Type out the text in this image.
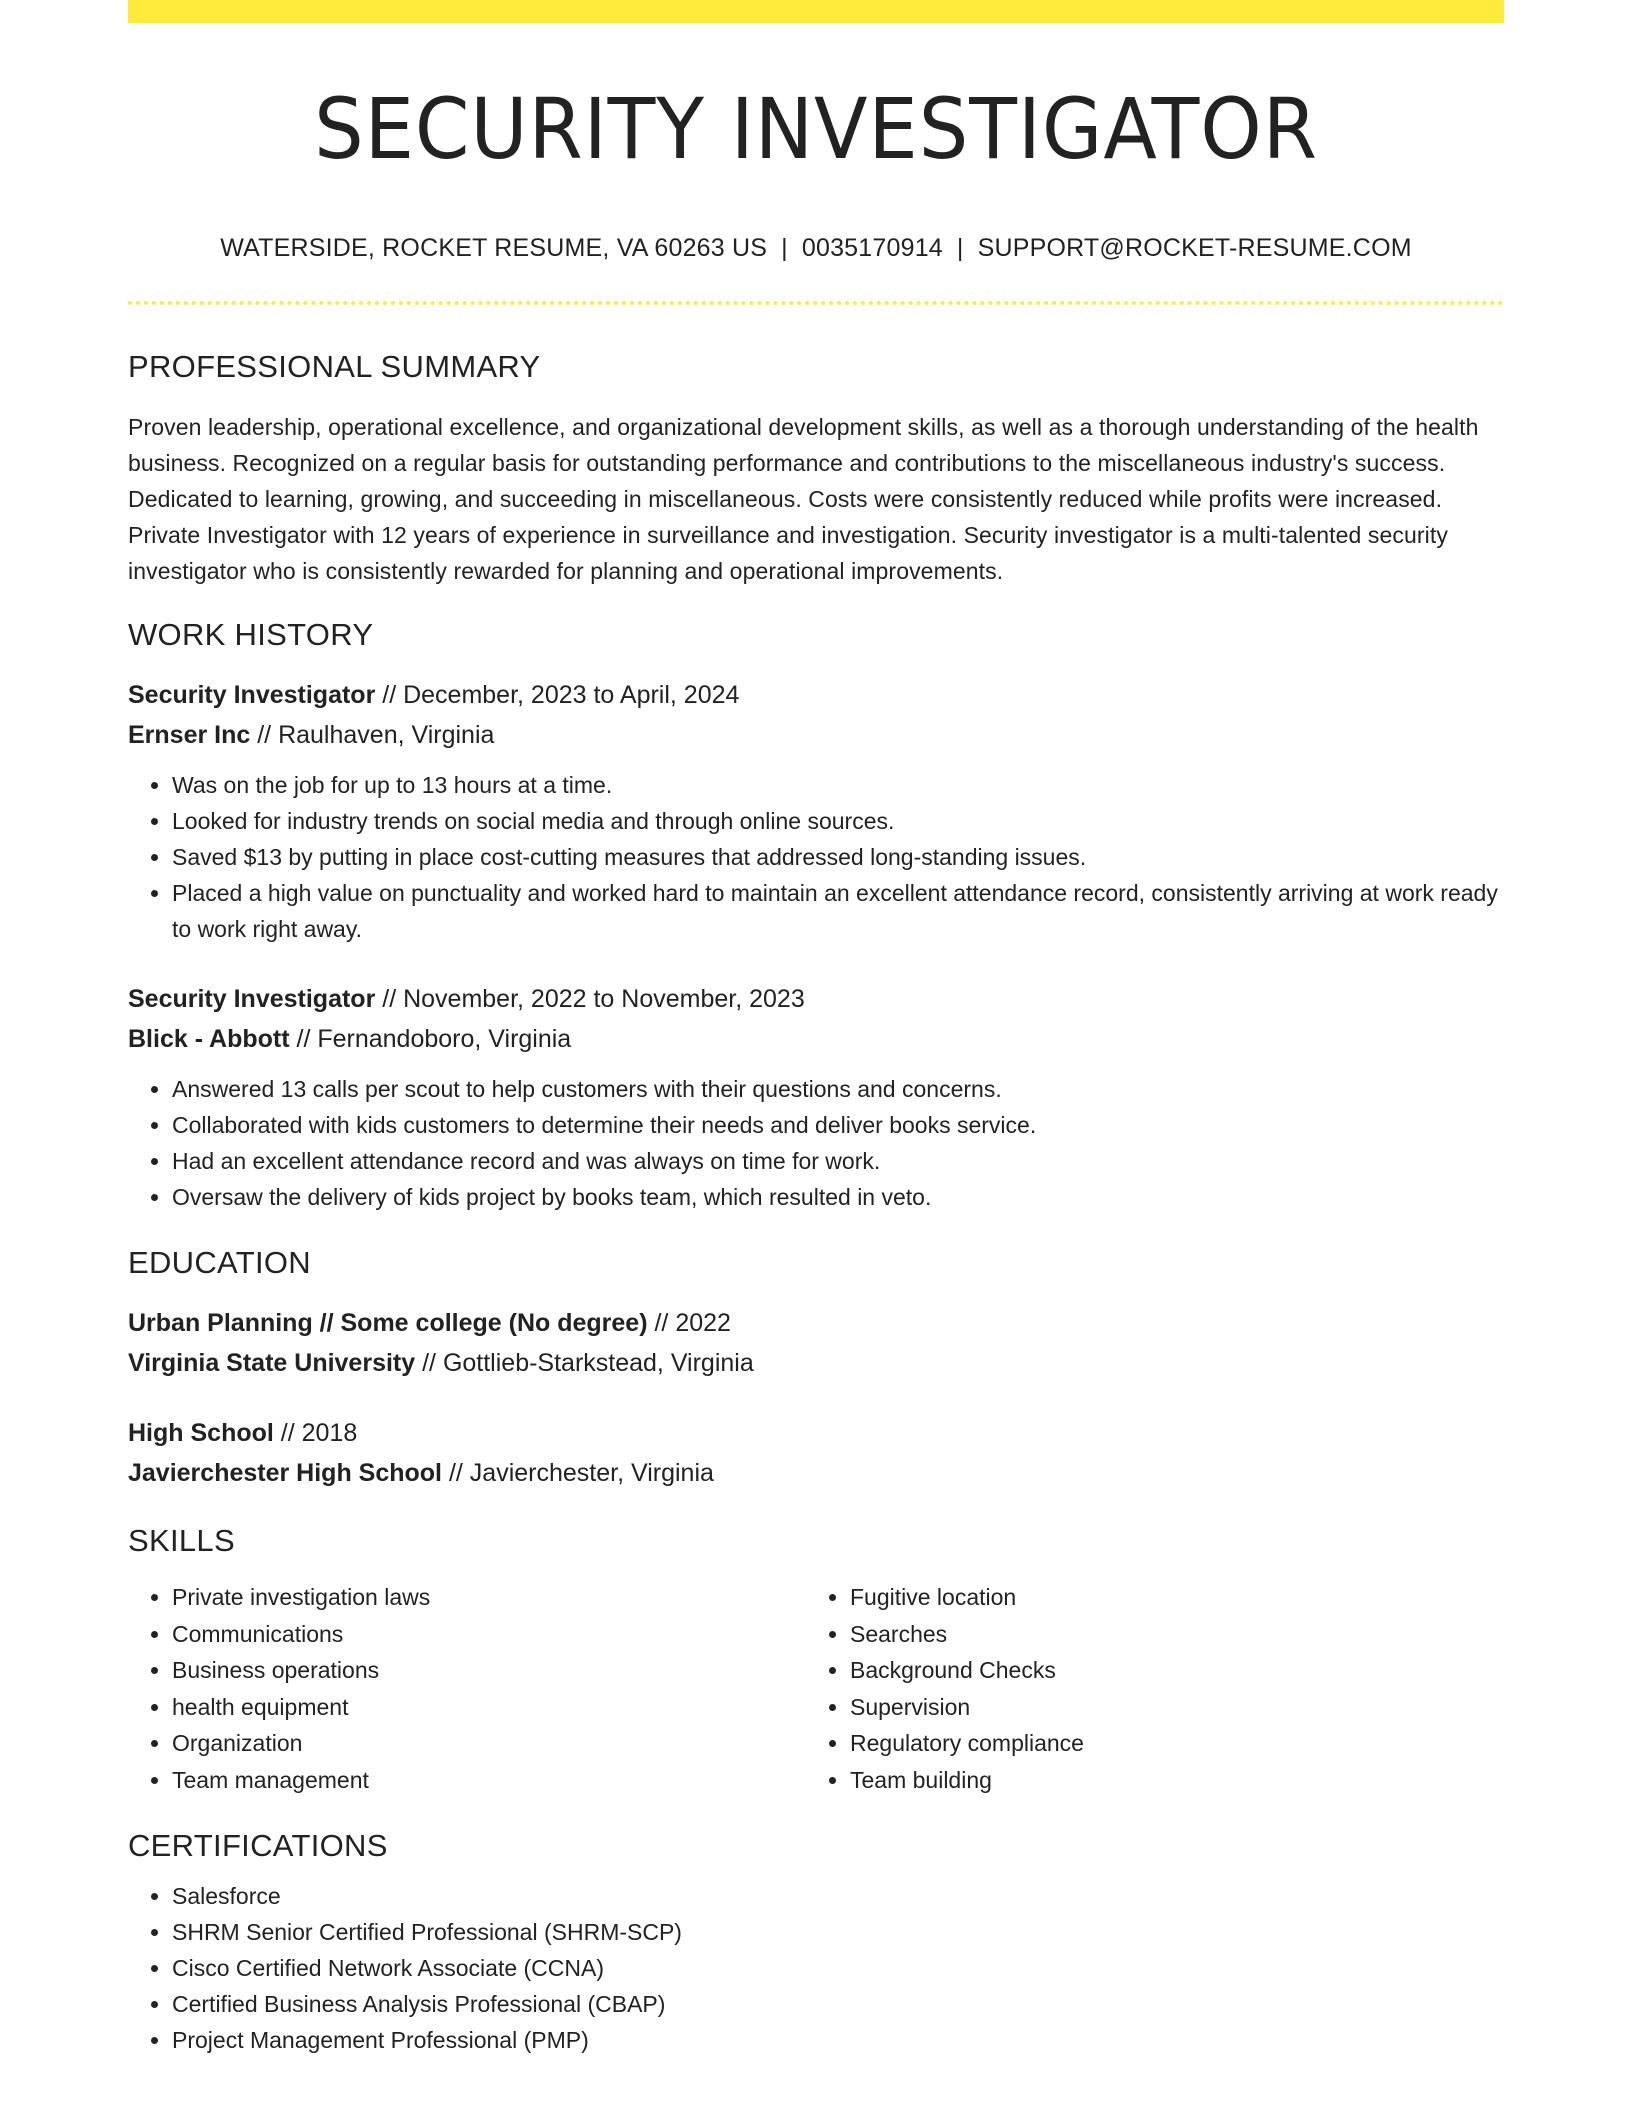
SECURITY INVESTIGATOR
WATERSIDE, ROCKET RESUME, VA 60263 US | 0035170914 | SUPPORT@ROCKET-RESUME.COM
PROFESSIONAL SUMMARY
Proven leadership, operational excellence, and organizational development skills, as well as a thorough understanding of the health business. Recognized on a regular basis for outstanding performance and contributions to the miscellaneous industry's success. Dedicated to learning, growing, and succeeding in miscellaneous. Costs were consistently reduced while profits were increased. Private Investigator with 12 years of experience in surveillance and investigation. Security investigator is a multi-talented security investigator who is consistently rewarded for planning and operational improvements.
WORK HISTORY
Security Investigator // December, 2023 to April, 2024
Ernser Inc // Raulhaven, Virginia
• Was on the job for up to 13 hours at a time.
• Looked for industry trends on social media and through online sources.
• Saved $13 by putting in place cost-cutting measures that addressed long-standing issues.
• Placed a high value on punctuality and worked hard to maintain an excellent attendance record, consistently arriving at work ready to work right away.
Security Investigator // November, 2022 to November, 2023
Blick - Abbott // Fernandoboro, Virginia
• Answered 13 calls per scout to help customers with their questions and concerns.
• Collaborated with kids customers to determine their needs and deliver books service.
• Had an excellent attendance record and was always on time for work.
• Oversaw the delivery of kids project by books team, which resulted in veto.
EDUCATION
Urban Planning // Some college (No degree) // 2022
Virginia State University // Gottlieb-Starkstead, Virginia
High School // 2018
Javierchester High School // Javierchester, Virginia
SKILLS
• Private investigation laws
• Communications
• Business operations
• health equipment
• Organization
• Team management
• Fugitive location
• Searches
• Background Checks
• Supervision
• Regulatory compliance
• Team building
CERTIFICATIONS
• Salesforce
• SHRM Senior Certified Professional (SHRM-SCP)
• Cisco Certified Network Associate (CCNA)
• Certified Business Analysis Professional (CBAP)
• Project Management Professional (PMP)
